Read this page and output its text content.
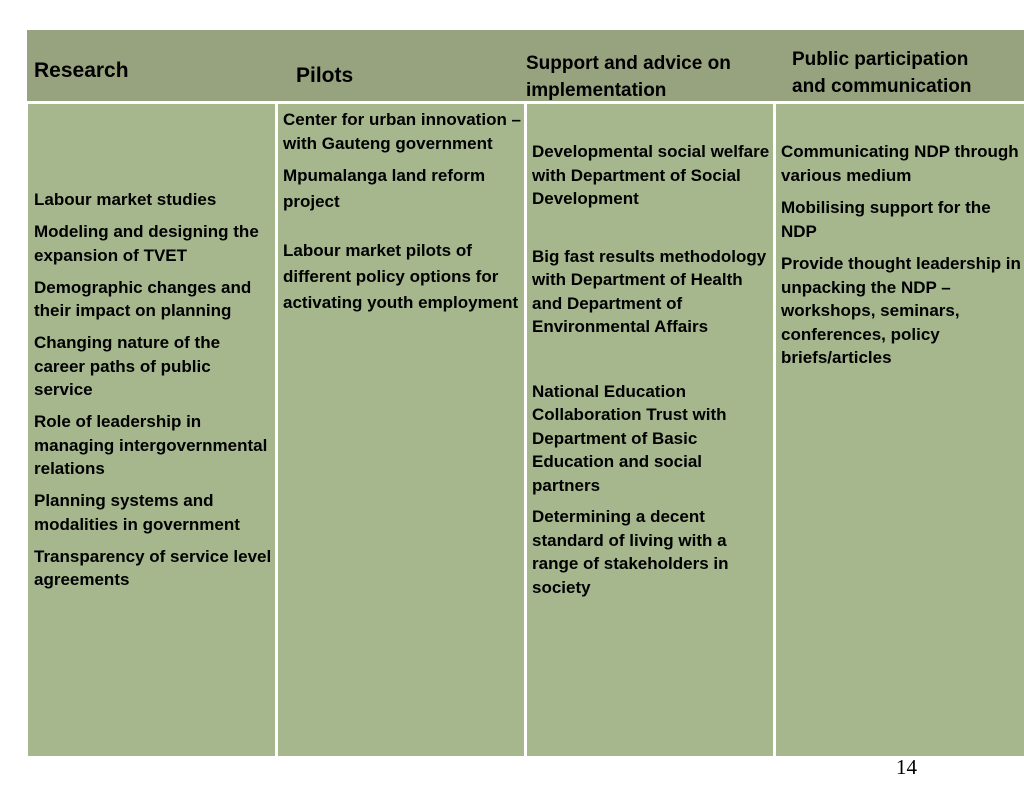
Research	Pilots
Support and advice on
implementation
Public participation
and communication
Labour market studies
Modeling and designing the expansion of TVET
Demographic changes and their impact on planning
Changing nature of the career paths of public service
Role of leadership in managing intergovernmental relations
Planning systems and modalities in government
Transparency of service level agreements
Center for urban innovation – with Gauteng government
Mpumalanga land reform project
Labour market pilots of different policy options for activating youth employment
Developmental social welfare with Department of Social Development
Big fast results methodology with Department of Health and Department of Environmental Affairs
National Education Collaboration Trust with Department of Basic Education and social partners
Determining a decent standard of living with a range of stakeholders in society
Communicating NDP through various medium
Mobilising support for the NDP
Provide thought leadership in unpacking the NDP – workshops, seminars, conferences, policy briefs/articles
14
